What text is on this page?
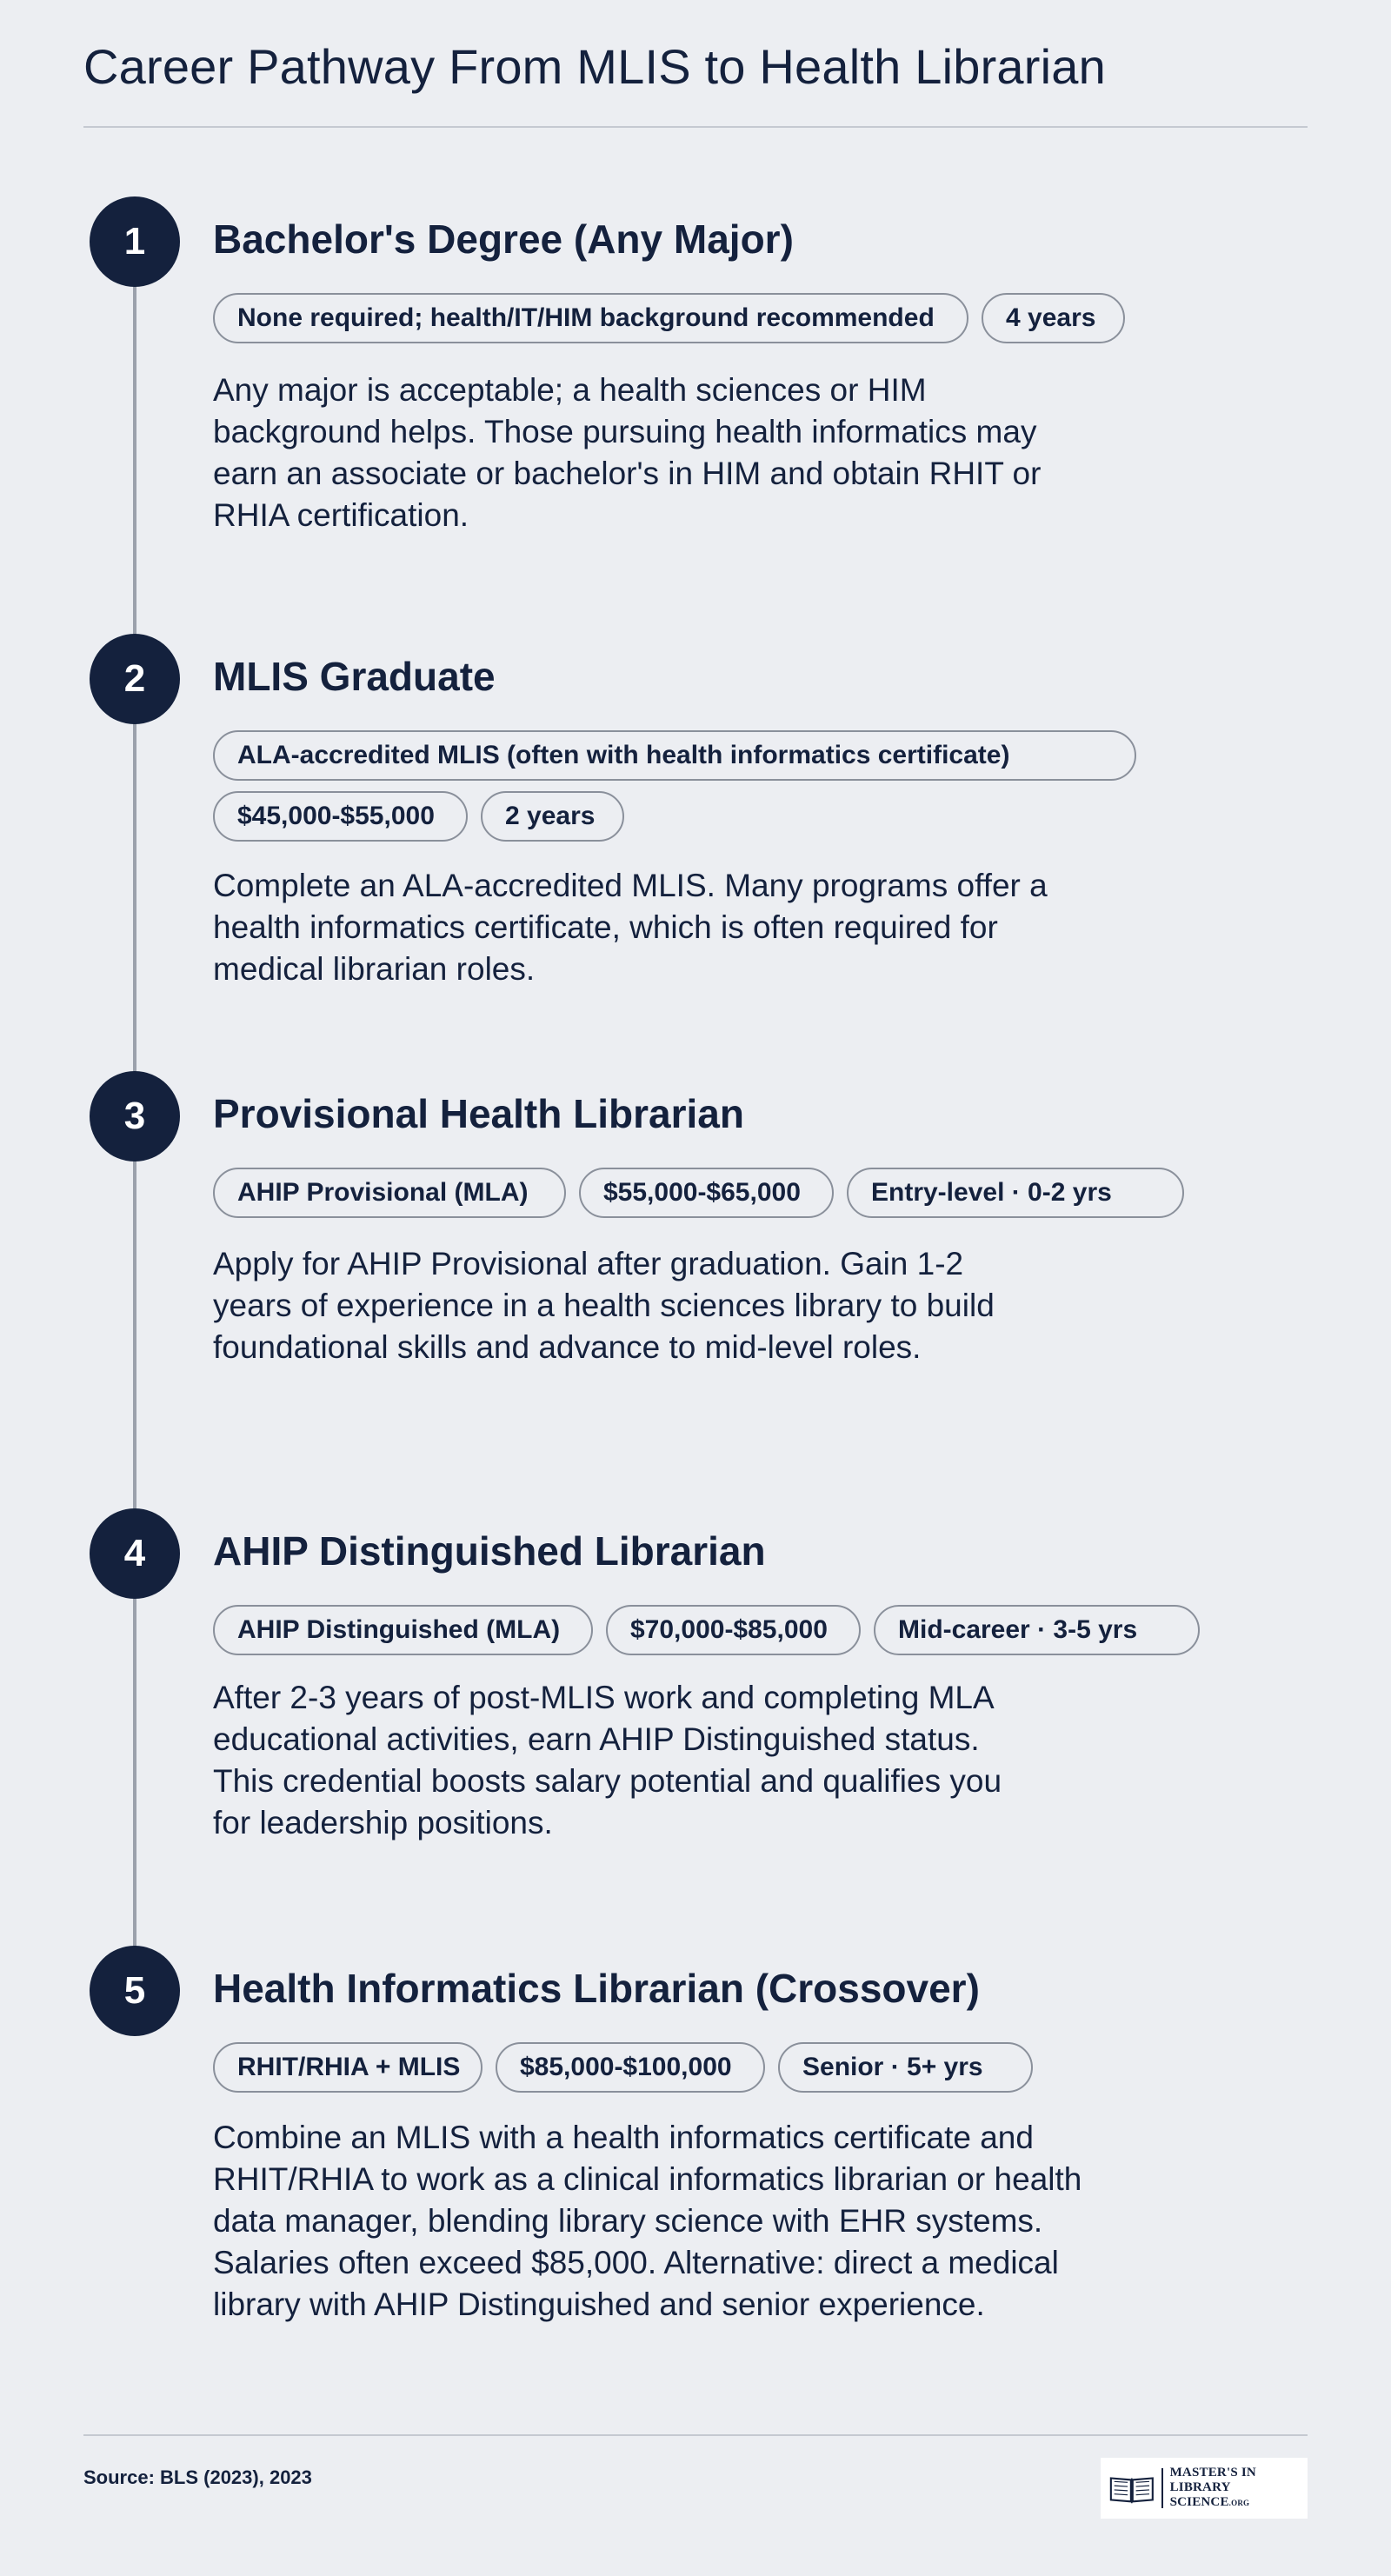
Career Pathway From MLIS to Health Librarian
1	Bachelor's Degree (Any Major)
None required; health/IT/HIM background recommended	4 years

Any major is acceptable; a health sciences or HIM background helps. Those pursuing health informatics may earn an associate or bachelor's in HIM and obtain RHIT or RHIA certification.

2	MLIS Graduate
ALA-accredited MLIS (often with health informatics certificate)
$45,000-$55,000	2 years

Complete an ALA-accredited MLIS. Many programs offer a health informatics certificate, which is often required for medical librarian roles.

3	Provisional Health Librarian
AHIP Provisional (MLA)	$55,000-$65,000	Entry-level · 0-2 yrs

Apply for AHIP Provisional after graduation. Gain 1-2 years of experience in a health sciences library to build foundational skills and advance to mid-level roles.

4	AHIP Distinguished Librarian
AHIP Distinguished (MLA)	$70,000-$85,000	Mid-career · 3-5 yrs

After 2-3 years of post-MLIS work and completing MLA educational activities, earn AHIP Distinguished status. This credential boosts salary potential and qualifies you for leadership positions.

5	Health Informatics Librarian (Crossover)
RHIT/RHIA + MLIS	$85,000-$100,000	Senior · 5+ yrs

Combine an MLIS with a health informatics certificate and RHIT/RHIA to work as a clinical informatics librarian or health data manager, blending library science with EHR systems. Salaries often exceed $85,000. Alternative: direct a medical library with AHIP Distinguished and senior experience.

Source: BLS (2023), 2023	MASTER'S IN
LIBRARY SCIENCE.ORG
